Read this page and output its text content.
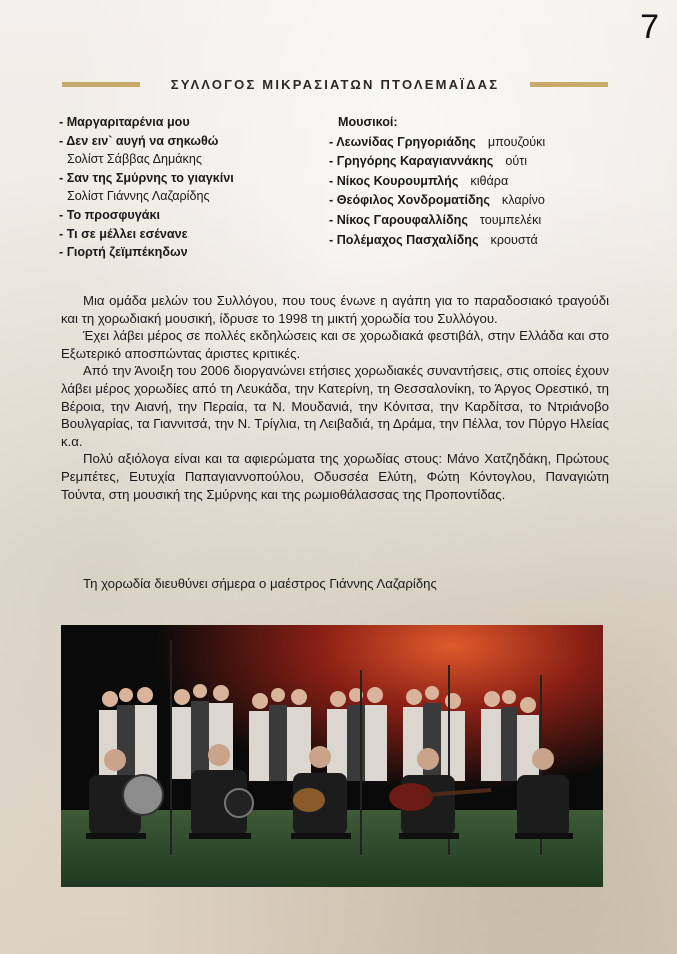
7
ΣΥΛΛΟΓΟΣ ΜΙΚΡΑΣΙΑΤΩΝ ΠΤΟΛΕΜΑΪΔΑΣ
- Μαργαριταρένια μου
- Δεν ειν` αυγή να σηκωθώ
Σολίστ Σάββας Δημάκης
- Σαν της Σμύρνης το γιαγκίνι
Σολίστ Γιάννης Λαζαρίδης
- Το προσφυγάκι
- Τι σε μέλλει εσένανε
- Γιορτή ζεϊμπέκηδων
Μουσικοί:
- Λεωνίδας Γρηγοριάδης μπουζούκι
- Γρηγόρης Καραγιαννάκης ούτι
- Νίκος Κουρουμπλής κιθάρα
- Θεόφιλος Χονδροματίδης κλαρίνο
- Νίκος Γαρουφαλλίδης τουμπελέκι
- Πολέμαχος Πασχαλίδης κρουστά

Μια ομάδα μελών του Συλλόγου, που τους ένωνε η αγάπη για το παραδοσιακό τραγούδι και τη χορωδιακή μουσική, ίδρυσε το 1998 τη μικτή χορωδία του Συλλόγου.

Έχει λάβει μέρος σε πολλές εκδηλώσεις και σε χορωδιακά φεστιβάλ, στην Ελλάδα και στο Εξωτερικό αποσπώντας άριστες κριτικές.

Από την Άνοιξη του 2006 διοργανώνει ετήσιες χορωδιακές συναντήσεις, στις οποίες έχουν λάβει μέρος χορωδίες από τη Λευκάδα, την Κατερίνη, τη Θεσσαλονίκη, το Άργος Ορεστικό, τη Βέροια, την Αιανή, την Περαία, τα Ν. Μουδανιά, την Κόνιτσα, την Καρδίτσα, το Ντριάνοβο Βουλγαρίας, τα Γιαννιτσά, την Ν. Τρίγλια, τη Λειβαδιά, τη Δράμα, την Πέλλα, τον Πύργο Ηλείας κ.α.

Πολύ αξιόλογα είναι και τα αφιερώματα της χορωδίας στους: Μάνο Χατζηδάκη, Πρώτους Ρεμπέτες, Ευτυχία Παπαγιαννοπούλου, Οδυσσέα Ελύτη, Φώτη Κόντογλου, Παναγιώτη Τούντα, στη μουσική της Σμύρνης και της ρωμιοθάλασσας της Προποντίδας.

Τη χορωδία διευθύνει σήμερα ο μαέστρος Γιάννης Λαζαρίδης
